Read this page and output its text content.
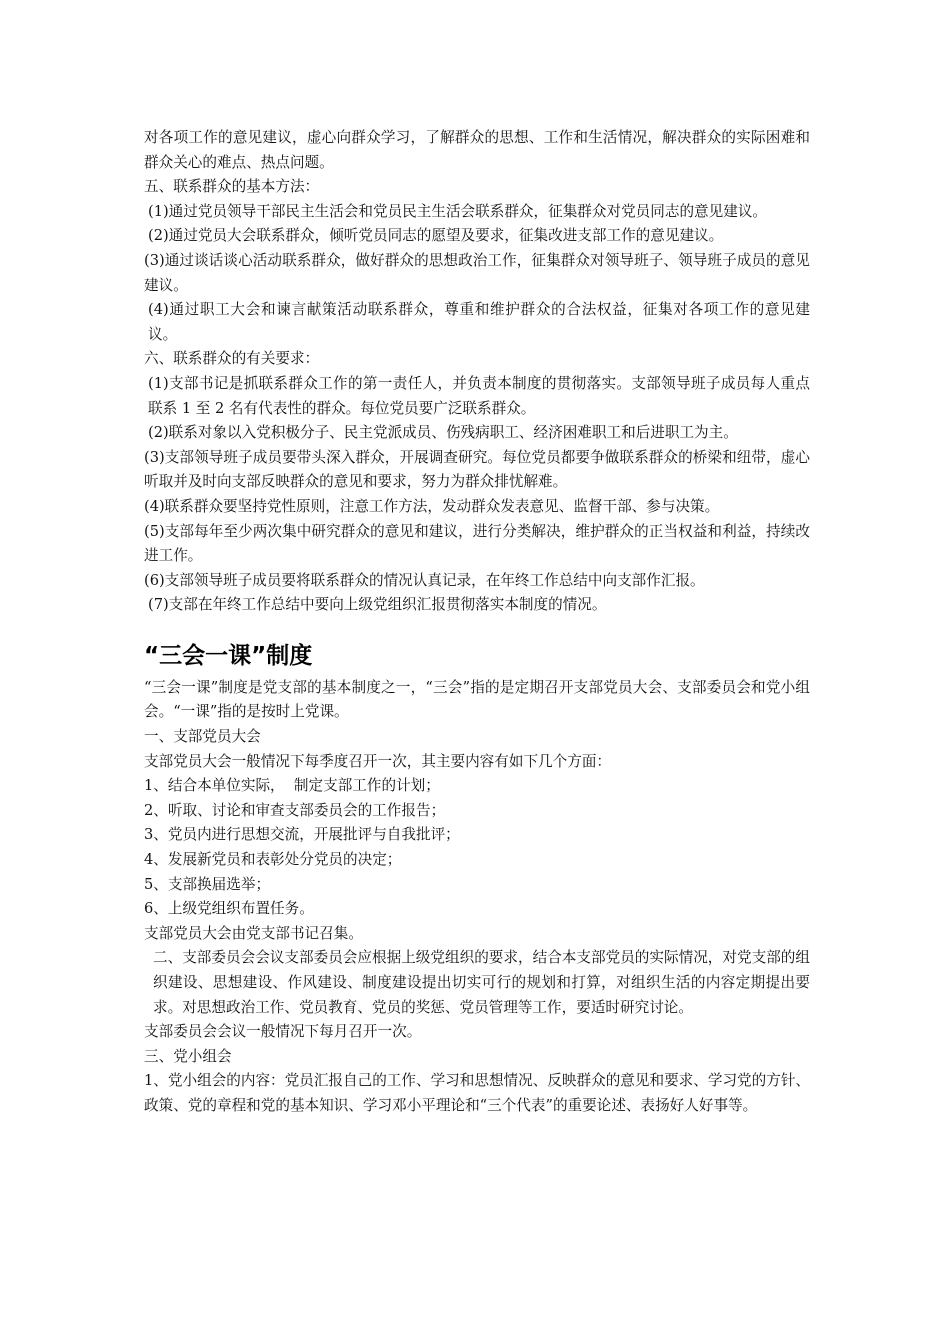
对各项工作的意见建议，虚心向群众学习，了解群众的思想、工作和生活情况，解决群众的实际困难和群众关心的难点、热点问题。

五、联系群众的基本方法：

(1)通过党员领导干部民主生活会和党员民主生活会联系群众，征集群众对党员同志的意见建议。

(2)通过党员大会联系群众，倾听党员同志的愿望及要求，征集改进支部工作的意见建议。

(3)通过谈话谈心活动联系群众，做好群众的思想政治工作，征集群众对领导班子、领导班子成员的意见建议。

(4)通过职工大会和谏言献策活动联系群众，尊重和维护群众的合法权益，征集对各项工作的意见建议。

六、联系群众的有关要求：

(1)支部书记是抓联系群众工作的第一责任人，并负责本制度的贯彻落实。支部领导班子成员每人重点联系 1 至 2 名有代表性的群众。每位党员要广泛联系群众。

(2)联系对象以入党积极分子、民主党派成员、伤残病职工、经济困难职工和后进职工为主。

(3)支部领导班子成员要带头深入群众，开展调查研究。每位党员都要争做联系群众的桥梁和纽带，虚心听取并及时向支部反映群众的意见和要求，努力为群众排忧解难。

(4)联系群众要坚持党性原则，注意工作方法，发动群众发表意见、监督干部、参与决策。

(5)支部每年至少两次集中研究群众的意见和建议，进行分类解决，维护群众的正当权益和利益，持续改进工作。

(6)支部领导班子成员要将联系群众的情况认真记录，在年终工作总结中向支部作汇报。

(7)支部在年终工作总结中要向上级党组织汇报贯彻落实本制度的情况。

“三会一课”制度

“三会一课”制度是党支部的基本制度之一，“三会”指的是定期召开支部党员大会、支部委员会和党小组会。“一课”指的是按时上党课。

一、支部党员大会

支部党员大会一般情况下每季度召开一次，其主要内容有如下几个方面：

1、结合本单位实际，  制定支部工作的计划；

2、听取、讨论和审查支部委员会的工作报告；

3、党员内进行思想交流，开展批评与自我批评；

4、发展新党员和表彰处分党员的决定；

5、支部换届选举；

6、上级党组织布置任务。

支部党员大会由党支部书记召集。

二、支部委员会会议支部委员会应根据上级党组织的要求，结合本支部党员的实际情况，对党支部的组织建设、思想建设、作风建设、制度建设提出切实可行的规划和打算，对组织生活的内容定期提出要求。对思想政治工作、党员教育、党员的奖惩、党员管理等工作，要适时研究讨论。

支部委员会会议一般情况下每月召开一次。

三、党小组会

1、党小组会的内容：党员汇报自己的工作、学习和思想情况、反映群众的意见和要求、学习党的方针、政策、党的章程和党的基本知识、学习邓小平理论和“三个代表”的重要论述、表扬好人好事等。
